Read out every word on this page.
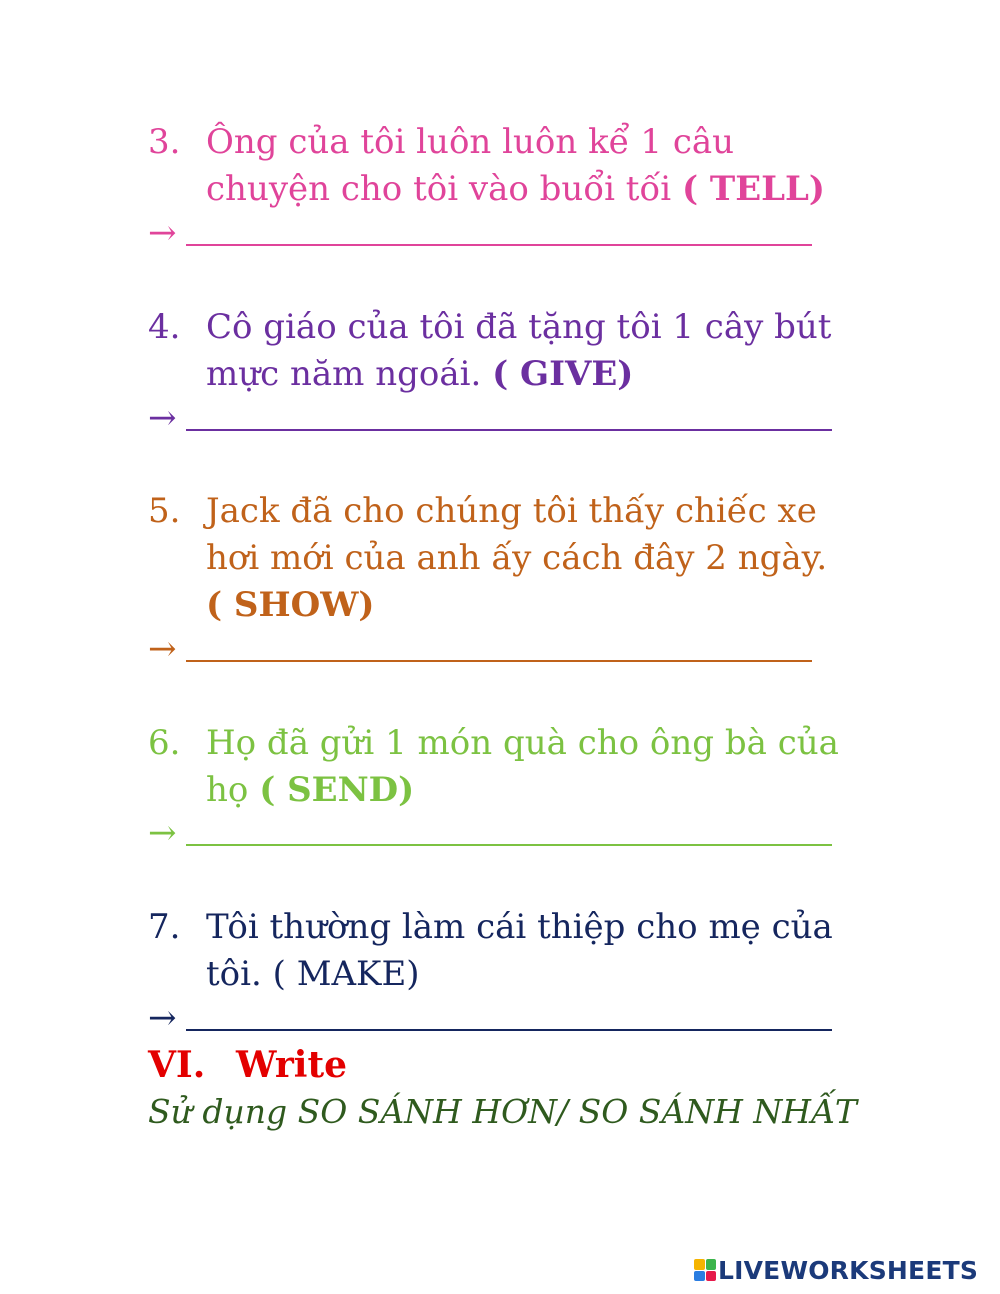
3. Ông của tôi luôn luôn kể 1 câu
chuyện cho tôi vào buổi tối ( TELL)
→
4. Cô giáo của tôi đã tặng tôi 1 cây bút
mực năm ngoái. ( GIVE)
→
5. Jack đã cho chúng tôi thấy chiếc xe
hơi mới của anh ấy cách đây 2 ngày.
( SHOW)
→
6. Họ đã gửi 1 món quà cho ông bà của
họ ( SEND)
→
7. Tôi thường làm cái thiệp cho mẹ của
tôi. ( MAKE)
→
VI. Write
Sử dụng SO SÁNH HƠN/ SO SÁNH NHẤT
LIVEWORKSHEETS
